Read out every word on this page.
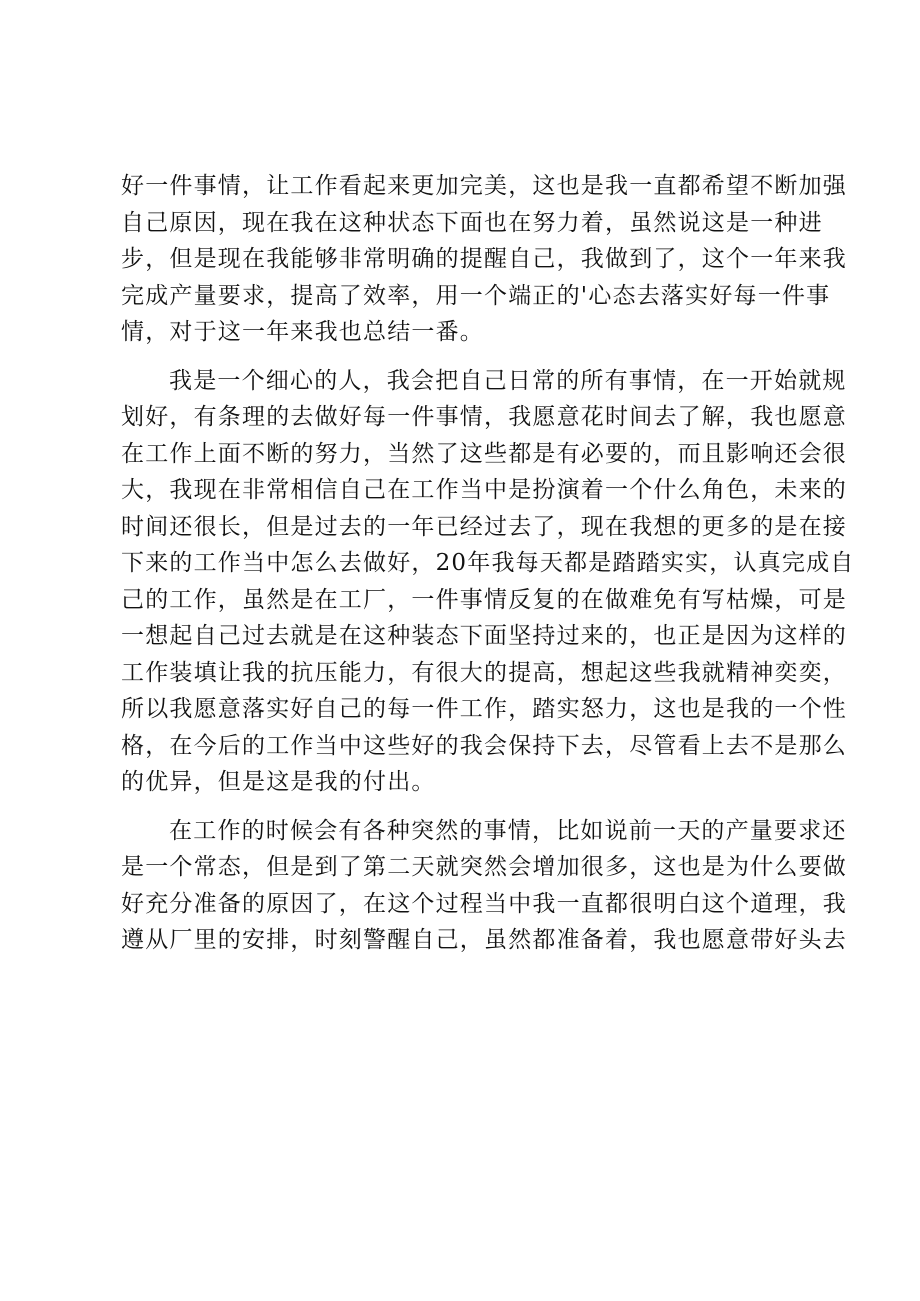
好一件事情，让工作看起来更加完美，这也是我一直都希望不断加强
自己原因，现在我在这种状态下面也在努力着，虽然说这是一种进
步，但是现在我能够非常明确的提醒自己，我做到了，这个一年来我
完成产量要求，提高了效率，用一个端正的'心态去落实好每一件事
情，对于这一年来我也总结一番。
我是一个细心的人，我会把自己日常的所有事情，在一开始就规
划好，有条理的去做好每一件事情，我愿意花时间去了解，我也愿意
在工作上面不断的努力，当然了这些都是有必要的，而且影响还会很
大，我现在非常相信自己在工作当中是扮演着一个什么角色，未来的
时间还很长，但是过去的一年已经过去了，现在我想的更多的是在接
下来的工作当中怎么去做好，20年我每天都是踏踏实实，认真完成自
己的工作，虽然是在工厂，一件事情反复的在做难免有写枯燥，可是
一想起自己过去就是在这种装态下面坚持过来的，也正是因为这样的
工作装填让我的抗压能力，有很大的提高，想起这些我就精神奕奕，
所以我愿意落实好自己的每一件工作，踏实怒力，这也是我的一个性
格，在今后的工作当中这些好的我会保持下去，尽管看上去不是那么
的优异，但是这是我的付出。
在工作的时候会有各种突然的事情，比如说前一天的产量要求还
是一个常态，但是到了第二天就突然会增加很多，这也是为什么要做
好充分准备的原因了，在这个过程当中我一直都很明白这个道理，我
遵从厂里的安排，时刻警醒自己，虽然都准备着，我也愿意带好头去
